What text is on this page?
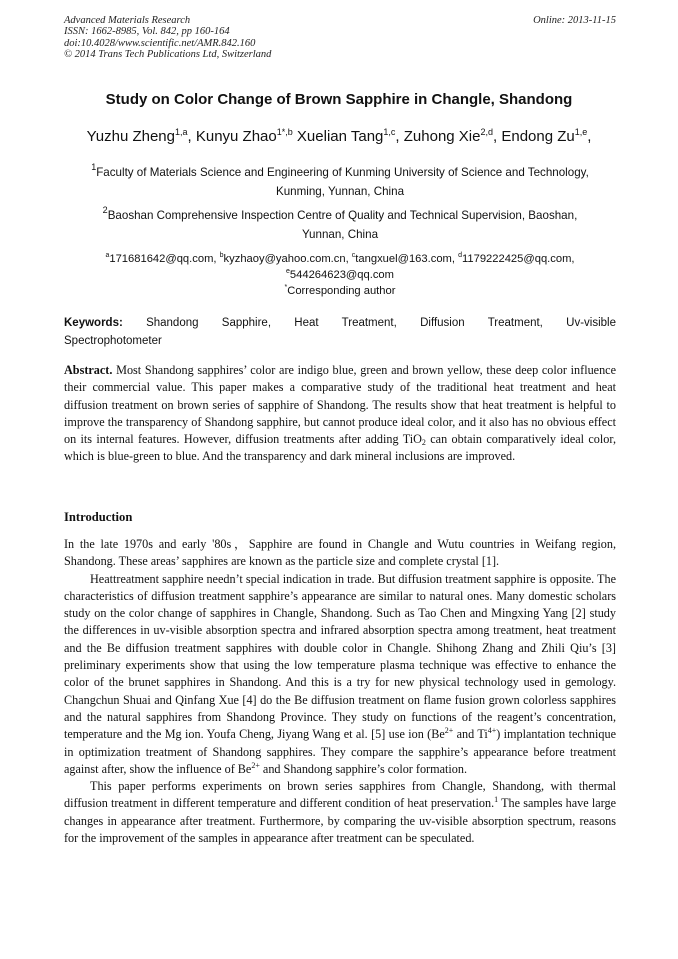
Advanced Materials Research
ISSN: 1662-8985, Vol. 842, pp 160-164
doi:10.4028/www.scientific.net/AMR.842.160
© 2014 Trans Tech Publications Ltd, Switzerland
Online: 2013-11-15
Study on Color Change of Brown Sapphire in Changle, Shandong
Yuzhu Zheng$^{1,a}$, Kunyu Zhao$^{1*,b}$ Xuelian Tang$^{1,c}$, Zuhong Xie$^{2,d}$, Endong Zu$^{1,e}$,
$^1$Faculty of Materials Science and Engineering of Kunming University of Science and Technology,
Kunming, Yunnan, China
$^2$Baoshan Comprehensive Inspection Centre of Quality and Technical Supervision, Baoshan,
Yunnan, China
$^a$171681642@qq.com, $^b$kyzhaoy@yahoo.com.cn, $^c$tangxuel@163.com, $^d$1179222425@qq.com,
$^e$544264623@qq.com
*Corresponding author
Keywords: Shandong Sapphire, Heat Treatment, Diffusion Treatment, Uv-visible
Spectrophotometer
Abstract. Most Shandong sapphires’ color are indigo blue, green and brown yellow, these deep color influence their commercial value. This paper makes a comparative study of the traditional heat treatment and heat diffusion treatment on brown series of sapphire of Shandong. The results show that heat treatment is helpful to improve the transparency of Shandong sapphire, but cannot produce ideal color, and it also has no obvious effect on its internal features. However, diffusion treatments after adding TiO$_2$ can obtain comparatively ideal color, which is blue-green to blue. And the transparency and dark mineral inclusions are improved.
Introduction

In the late 1970s and early '80s，Sapphire are found in Changle and Wutu countries in Weifang region, Shandong. These areas’ sapphires are known as the particle size and complete crystal [1].

Heattreatment sapphire needn’t special indication in trade. But diffusion treatment sapphire is opposite. The characteristics of diffusion treatment sapphire’s appearance are similar to natural ones. Many domestic scholars study on the color change of sapphires in Changle, Shandong. Such as Tao Chen and Mingxing Yang [2] study the differences in uv-visible absorption spectra and infrared absorption spectra among treatment, heat treatment and the Be diffusion treatment sapphires with double color in Changle. Shihong Zhang and Zhili Qiu’s [3] preliminary experiments show that using the low temperature plasma technique was effective to enhance the color of the brunet sapphires in Shandong. And this is a try for new physical technology used in gemology. Changchun Shuai and Qinfang Xue [4] do the Be diffusion treatment on flame fusion grown colorless sapphires and the natural sapphires from Shandong Province. They study on functions of the reagent’s concentration, temperature and the Mg ion. Youfa Cheng, Jiyang Wang et al. [5] use ion ($Be^{2+}$ and $Ti^{4+}$) implantation technique in optimization treatment of Shandong sapphires. They compare the sapphire’s appearance before treatment against after, show the influence of $Be^{2+}$ and Shandong sapphire’s color formation.

This paper performs experiments on brown series sapphires from Changle, Shandong, with thermal diffusion treatment in different temperature and different condition of heat preservation.$^1$ The samples have large changes in appearance after treatment. Furthermore, by comparing the uv-visible absorption spectrum, reasons for the improvement of the samples in appearance after treatment can be speculated.
